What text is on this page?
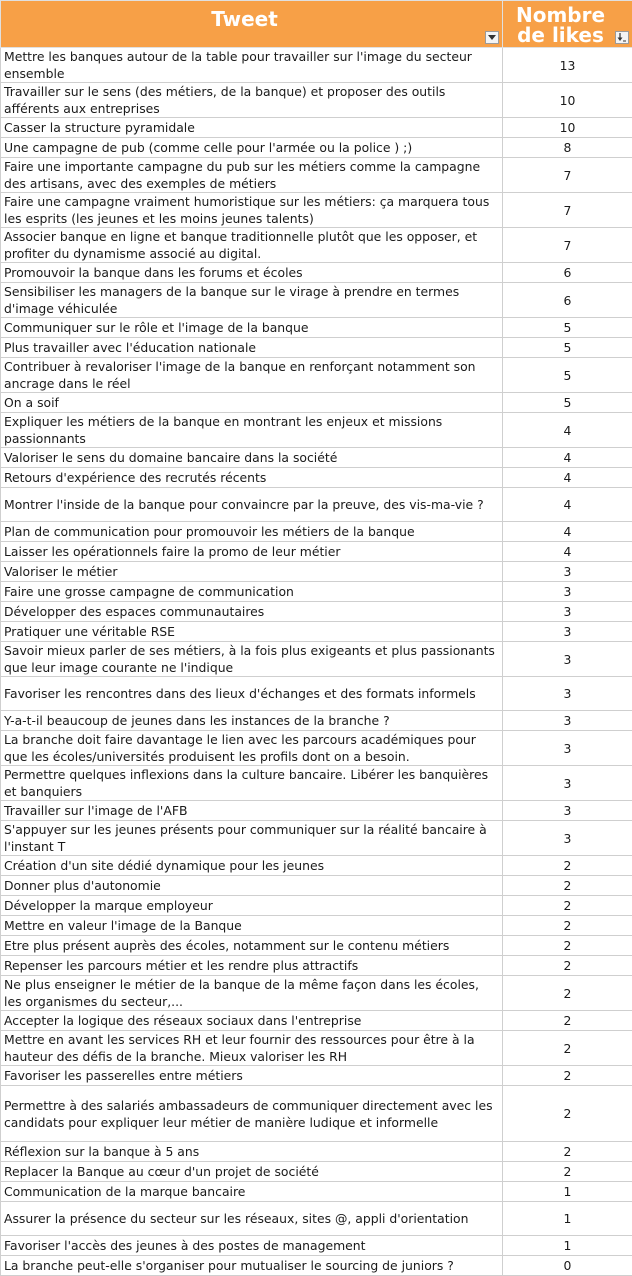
Tweet	Nombre de likes

Mettre les banques autour de la table pour travailler sur l'image du secteur ensemble	13
Travailler sur le sens (des métiers, de la banque) et proposer des outils afférents aux entreprises	10
Casser la structure pyramidale	10
Une campagne de pub (comme celle pour l'armée ou la police ) ;)	8
Faire une importante campagne du pub sur les métiers comme la campagne des artisans, avec des exemples de métiers	7
Faire une campagne vraiment humoristique sur les métiers: ça marquera tous les esprits (les jeunes et les moins jeunes talents)	7
Associer banque en ligne et banque traditionnelle plutôt que les opposer, et profiter du dynamisme associé au digital.	7
Promouvoir la banque dans les forums et écoles	6
Sensibiliser les managers de la banque sur le virage à prendre en termes d'image véhiculée	6
Communiquer sur le rôle et l'image de la banque	5
Plus travailler avec l'éducation nationale	5
Contribuer à revaloriser l'image de la banque en renforçant notamment son ancrage dans le réel	5
On a soif	5
Expliquer les métiers de la banque en montrant les enjeux et missions passionnants	4
Valoriser le sens du domaine bancaire dans la société	4
Retours d'expérience des recrutés récents	4
Montrer l'inside de la banque pour convaincre par la preuve, des vis-ma-vie ?	4
Plan de communication pour promouvoir les métiers de la banque	4
Laisser les opérationnels faire la promo de leur métier	4
Valoriser le métier	3
Faire une grosse campagne de communication	3
Développer des espaces communautaires	3
Pratiquer une véritable RSE	3
Savoir mieux parler de ses métiers, à la fois plus exigeants et plus passionants que leur image courante ne l'indique	3
Favoriser les rencontres dans des lieux d'échanges et des formats informels	3
Y-a-t-il beaucoup de jeunes dans les instances de la branche ?	3
La branche doit faire davantage le lien avec les parcours académiques pour que les écoles/universités produisent les profils dont on a besoin.	3
Permettre quelques inflexions dans la culture bancaire. Libérer les banquières et banquiers	3
Travailler sur l'image de l'AFB	3
S'appuyer sur les jeunes présents pour communiquer sur la réalité bancaire à l'instant T	3
Création d'un site dédié dynamique pour les jeunes	2
Donner plus d'autonomie	2
Développer la marque employeur	2
Mettre en valeur l'image de la Banque	2
Etre plus présent auprès des écoles, notamment sur le contenu métiers	2
Repenser les parcours métier et les rendre plus attractifs	2
Ne plus enseigner le métier de la banque de la même façon dans les écoles, les organismes du secteur,...	2
Accepter la logique des réseaux sociaux dans l'entreprise	2
Mettre en avant les services RH et leur fournir des ressources pour être à la hauteur des défis de la branche. Mieux valoriser les RH	2
Favoriser les passerelles entre métiers	2
Permettre à des salariés ambassadeurs de communiquer directement avec les candidats pour expliquer leur métier de manière ludique et informelle	2
Réflexion sur la banque à 5 ans	2
Replacer la Banque au cœur d'un projet de société	2
Communication de la marque bancaire	1
Assurer la présence du secteur sur les réseaux, sites @, appli d'orientation	1
Favoriser l'accès des jeunes à des postes de management	1
La branche peut-elle s'organiser pour mutualiser le sourcing de juniors ?	0
